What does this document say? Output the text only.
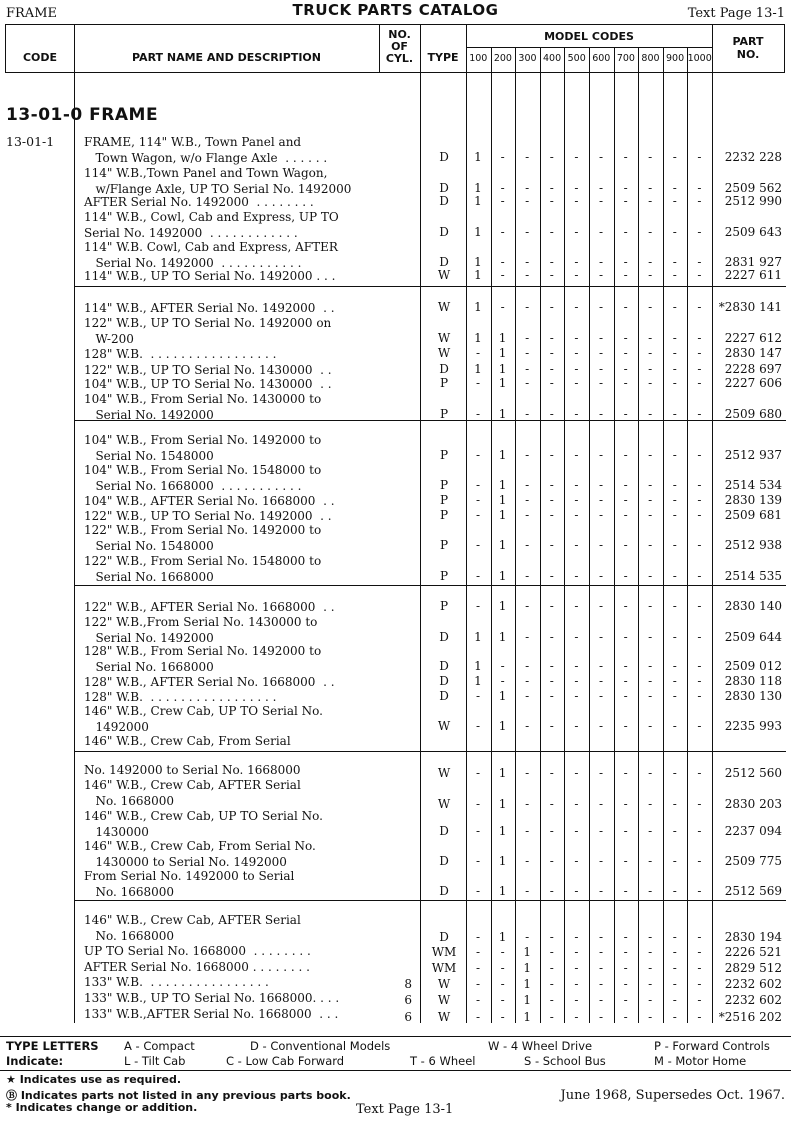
FRAME	TRUCK PARTS CATALOG	Text Page 13-1
CODE	PART NAME AND DESCRIPTION
NO.
OF
CYL.	TYPE
MODEL CODES
100 200 300 400 500 600 700 800 900 1000
PART
NO.
13-01-0 FRAME
13-01-1 FRAME, 114" W.B., Town Panel and
Town Wagon, w/o Flange Axle  . . . . . .	D	1	-	-	-	-	-	-	-	-	-	2232 228
114" W.B.,Town Panel and Town Wagon,
w/Flange Axle, UP TO Serial No. 1492000	D	1	-	-	-	-	-	-	-	-	-	2509 562
AFTER Serial No. 1492000  . . . . . . . .	D	1	-	-	-	-	-	-	-	-	-	2512 990
114" W.B., Cowl, Cab and Express, UP TO
Serial No. 1492000  . . . . . . . . . . . .	D	1	-	-	-	-	-	-	-	-	-	2509 643
114" W.B. Cowl, Cab and Express, AFTER
Serial No. 1492000  . . . . . . . . . . .	D	1	-	-	-	-	-	-	-	-	-	2831 927
114" W.B., UP TO Serial No. 1492000 . . .	W	1	-	-	-	-	-	-	-	-	-	2227 611
114" W.B., AFTER Serial No. 1492000  . .	W	1	-	-	-	-	-	-	-	-	-	*2830 141
122" W.B., UP TO Serial No. 1492000 on
W-200	W	1	1	-	-	-	-	-	-	-	-	2227 612
128" W.B.  . . . . . . . . . . . . . . . . .	W	-	1	-	-	-	-	-	-	-	-	2830 147
122" W.B., UP TO Serial No. 1430000  . .	D	1	1	-	-	-	-	-	-	-	-	2228 697
104" W.B., UP TO Serial No. 1430000  . .	P	-	1	-	-	-	-	-	-	-	-	2227 606
104" W.B., From Serial No. 1430000 to
Serial No. 1492000	P	-	1	-	-	-	-	-	-	-	-	2509 680
104" W.B., From Serial No. 1492000 to
Serial No. 1548000	P	-	1	-	-	-	-	-	-	-	-	2512 937
104" W.B., From Serial No. 1548000 to
Serial No. 1668000  . . . . . . . . . . .	P	-	1	-	-	-	-	-	-	-	-	2514 534
104" W.B., AFTER Serial No. 1668000  . .	P	-	1	-	-	-	-	-	-	-	-	2830 139
122" W.B., UP TO Serial No. 1492000  . .	P	-	1	-	-	-	-	-	-	-	-	2509 681
122" W.B., From Serial No. 1492000 to
Serial No. 1548000	P	-	1	-	-	-	-	-	-	-	-	2512 938
122" W.B., From Serial No. 1548000 to
Serial No. 1668000	P	-	1	-	-	-	-	-	-	-	-	2514 535
122" W.B., AFTER Serial No. 1668000  . .	P	-	1	-	-	-	-	-	-	-	-	2830 140
122" W.B.,From Serial No. 1430000 to
Serial No. 1492000	D	1	1	-	-	-	-	-	-	-	-	2509 644
128" W.B., From Serial No. 1492000 to
Serial No. 1668000	D	1	-	-	-	-	-	-	-	-	-	2509 012
128" W.B., AFTER Serial No. 1668000  . .	D	1	-	-	-	-	-	-	-	-	-	2830 118
128" W.B.  . . . . . . . . . . . . . . . . .	D	-	1	-	-	-	-	-	-	-	-	2830 130
146" W.B., Crew Cab, UP TO Serial No.
1492000	W	-	1	-	-	-	-	-	-	-	-	2235 993
146" W.B., Crew Cab, From Serial
No. 1492000 to Serial No. 1668000	W	-	1	-	-	-	-	-	-	-	-	2512 560
146" W.B., Crew Cab, AFTER Serial
No. 1668000	W	-	1	-	-	-	-	-	-	-	-	2830 203
146" W.B., Crew Cab, UP TO Serial No.
1430000	D	-	1	-	-	-	-	-	-	-	-	2237 094
146" W.B., Crew Cab, From Serial No.
1430000 to Serial No. 1492000	D	-	1	-	-	-	-	-	-	-	-	2509 775
From Serial No. 1492000 to Serial
No. 1668000	D	-	1	-	-	-	-	-	-	-	-	2512 569
146" W.B., Crew Cab, AFTER Serial
No. 1668000	D	-	1	-	-	-	-	-	-	-	-	2830 194
UP TO Serial No. 1668000  . . . . . . . .	WM	-	-	1	-	-	-	-	-	-	-	2226 521
AFTER Serial No. 1668000 . . . . . . . .	WM	-	-	1	-	-	-	-	-	-	-	2829 512
133" W.B.  . . . . . . . . . . . . . . . .	8	W	-	-	1	-	-	-	-	-	-	-	2232 602
133" W.B., UP TO Serial No. 1668000. . . .	6	W	-	-	1	-	-	-	-	-	-	-	2232 602
133" W.B.,AFTER Serial No. 1668000  . . .	6	W	-	-	1	-	-	-	-	-	-	-	*2516 202
TYPE LETTERS
Indicate:
A - Compact	D - Conventional Models	W - 4 Wheel Drive	P - Forward Controls
L - Tilt Cab	C - Low Cab Forward	T - 6 Wheel	S - School Bus	M - Motor Home
★ Indicates use as required.
Ⓑ Indicates parts not listed in any previous parts book.
* Indicates change or addition.	Text Page 13-1
June 1968, Supersedes Oct. 1967.
